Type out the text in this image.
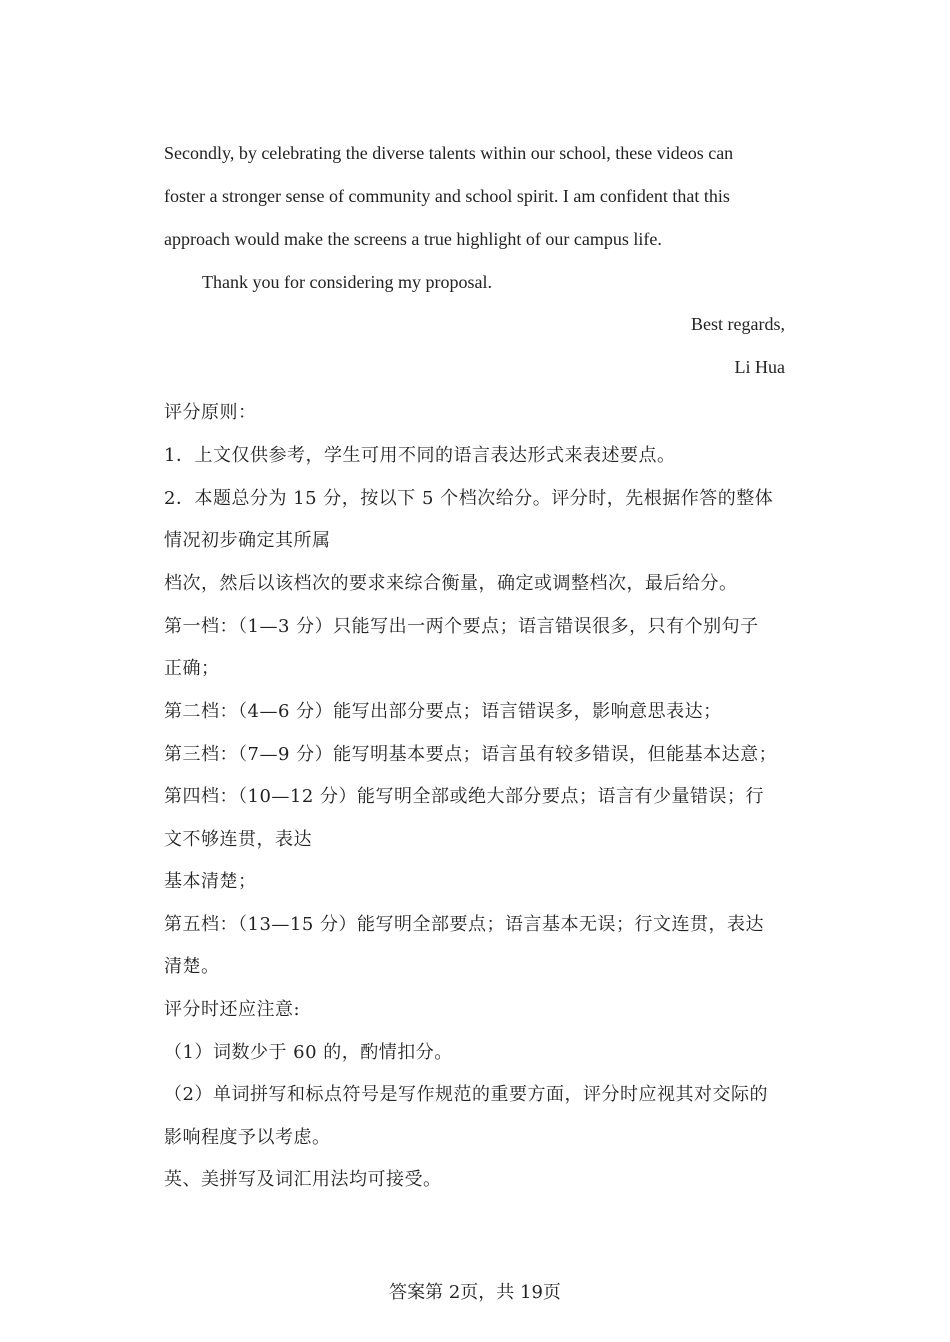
Secondly, by celebrating the diverse talents within our school, these videos can
foster a stronger sense of community and school spirit. I am confident that this
approach would make the screens a true highlight of our campus life.
Thank you for considering my proposal.
Best regards,
Li Hua
评分原则：
1．上文仅供参考，学生可用不同的语言表达形式来表述要点。
2．本题总分为 15 分，按以下 5 个档次给分。评分时，先根据作答的整体
情况初步确定其所属
档次，然后以该档次的要求来综合衡量，确定或调整档次，最后给分。
第一档：（1—3 分）只能写出一两个要点；语言错误很多，只有个别句子
正确；
第二档：（4—6 分）能写出部分要点；语言错误多，影响意思表达；
第三档：（7—9 分）能写明基本要点；语言虽有较多错误，但能基本达意；
第四档：（10—12 分）能写明全部或绝大部分要点；语言有少量错误；行
文不够连贯，表达
基本清楚；
第五档：（13—15 分）能写明全部要点；语言基本无误；行文连贯，表达
清楚。
评分时还应注意:
（1）词数少于 60 的，酌情扣分。
（2）单词拼写和标点符号是写作规范的重要方面，评分时应视其对交际的
影响程度予以考虑。
英、美拼写及词汇用法均可接受。
答案第 2页，共 19页
